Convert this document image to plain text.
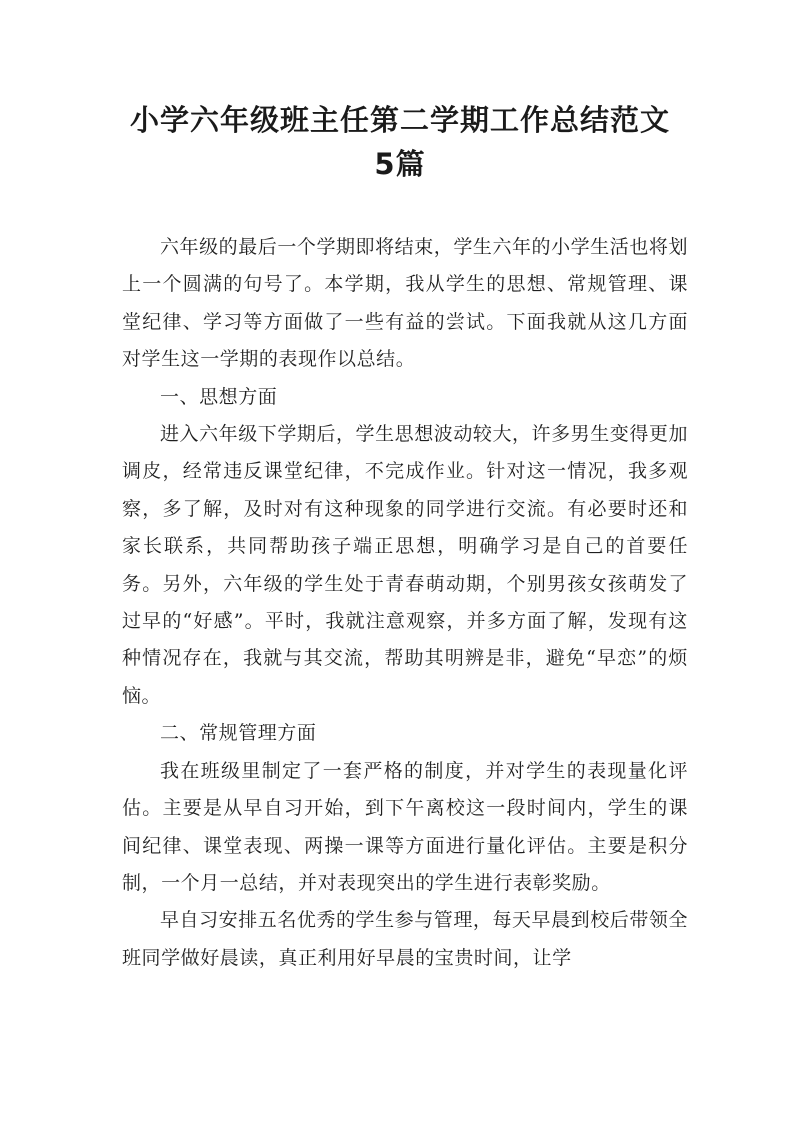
小学六年级班主任第二学期工作总结范文
5篇

六年级的最后一个学期即将结束，学生六年的小学生活也将划上一个圆满的句号了。本学期，我从学生的思想、常规管理、课堂纪律、学习等方面做了一些有益的尝试。下面我就从这几方面对学生这一学期的表现作以总结。

一、思想方面

进入六年级下学期后，学生思想波动较大，许多男生变得更加调皮，经常违反课堂纪律，不完成作业。针对这一情况，我多观察，多了解，及时对有这种现象的同学进行交流。有必要时还和家长联系，共同帮助孩子端正思想，明确学习是自己的首要任务。另外，六年级的学生处于青春萌动期，个别男孩女孩萌发了过早的“好感”。平时，我就注意观察，并多方面了解，发现有这种情况存在，我就与其交流，帮助其明辨是非，避免“早恋”的烦恼。

二、常规管理方面

我在班级里制定了一套严格的制度，并对学生的表现量化评估。主要是从早自习开始，到下午离校这一段时间内，学生的课间纪律、课堂表现、两操一课等方面进行量化评估。主要是积分制，一个月一总结，并对表现突出的学生进行表彰奖励。

早自习安排五名优秀的学生参与管理，每天早晨到校后带领全班同学做好晨读，真正利用好早晨的宝贵时间，让学
